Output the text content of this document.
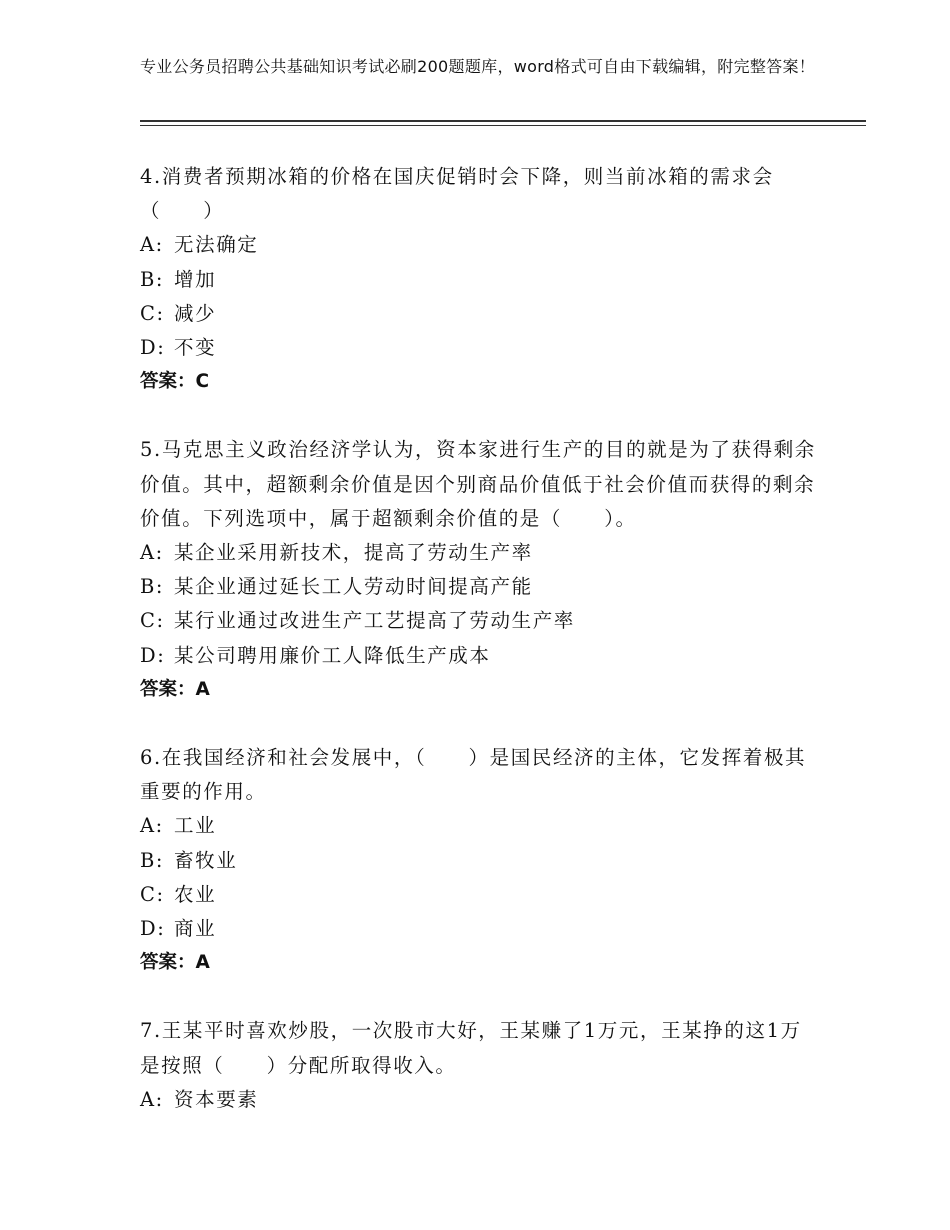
专业公务员招聘公共基础知识考试必刷200题题库，word格式可自由下载编辑，附完整答案！
4.消费者预期冰箱的价格在国庆促销时会下降，则当前冰箱的需求会（　　）
A: 无法确定
B: 增加
C: 减少
D: 不变
答案：C
5.马克思主义政治经济学认为，资本家进行生产的目的就是为了获得剩余价值。其中，超额剩余价值是因个别商品价值低于社会价值而获得的剩余价值。下列选项中，属于超额剩余价值的是（　　）。
A: 某企业采用新技术，提高了劳动生产率
B: 某企业通过延长工人劳动时间提高产能
C: 某行业通过改进生产工艺提高了劳动生产率
D: 某公司聘用廉价工人降低生产成本
答案：A
6.在我国经济和社会发展中，（　　）是国民经济的主体，它发挥着极其重要的作用。
A: 工业
B: 畜牧业
C: 农业
D: 商业
答案：A
7.王某平时喜欢炒股，一次股市大好，王某赚了1万元，王某挣的这1万是按照（　　）分配所取得收入。
A: 资本要素
